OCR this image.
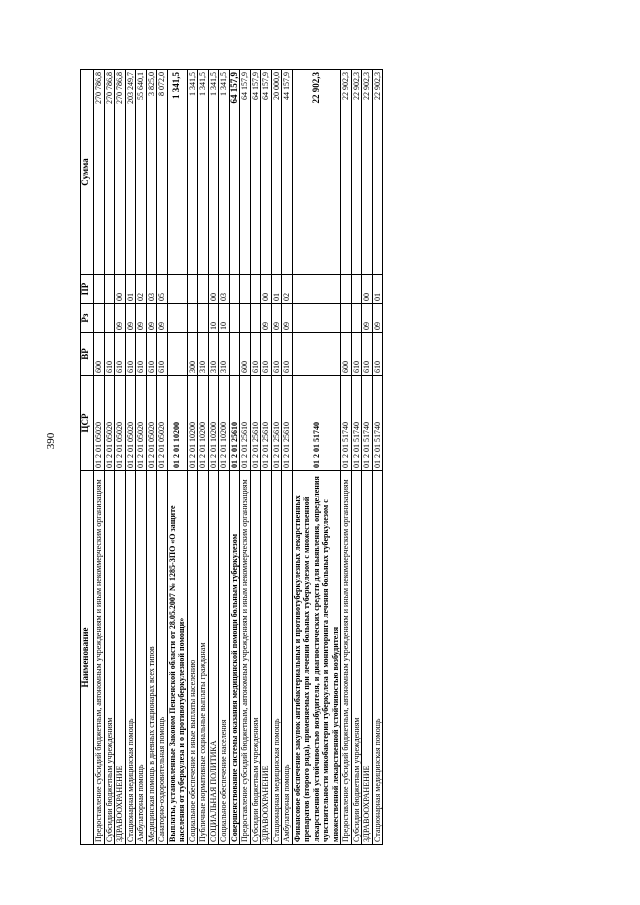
390
Наименование	ЦСР	ВР	Рз	ПР	Сумма
Предоставление субсидий бюджетным, автономным учреждениям и иным некоммерческим организациям	01 2 01 05020	600			270 786,8
Субсидии бюджетным учреждениям	01 2 01 05020	610			270 786,8
ЗДРАВООХРАНЕНИЕ	01 2 01 05020	610	09	00	270 786,8
Стационарная медицинская помощь	01 2 01 05020	610	09	01	203 249,7
Амбулаторная помощь	01 2 01 05020	610	09	02	55 640,1
Медицинская помощь в дневных стационарах всех типов	01 2 01 05020	610	09	03	3 825,0
Санаторно-оздоровительная помощь	01 2 01 05020	610	09	05	8 072,0
Выплаты, установленные Законом Пензенской области от 28.05.2007 № 1285-ЗПО «О защите населения от туберкулеза и о противотуберкулезной помощи»	01 2 01 10200				1 341,5
Социальное обеспечение и иные выплаты населению	01 2 01 10200	300			1 341,5
Публичные нормативные социальные выплаты гражданам	01 2 01 10200	310			1 341,5
СОЦИАЛЬНАЯ ПОЛИТИКА	01 2 01 10200	310	10	00	1 341,5
Социальное обеспечение населения	01 2 01 10200	310	10	03	1 341,5
Совершенствование системы оказания медицинской помощи больным туберкулезом	01 2 01 25610				64 157,9
Предоставление субсидий бюджетным, автономным учреждениям и иным некоммерческим организациям	01 2 01 25610	600			64 157,9
Субсидии бюджетным учреждениям	01 2 01 25610	610			64 157,9
ЗДРАВООХРАНЕНИЕ	01 2 01 25610	610	09	00	64 157,9
Стационарная медицинская помощь	01 2 01 25610	610	09	01	20 000,0
Амбулаторная помощь	01 2 01 25610	610	09	02	44 157,9
Финансовое обеспечение закупок антибактериальных и противотуберкулезных лекарственных препаратов (второго ряда), применяемых при лечении больных туберкулезом с множественной лекарственной устойчивостью возбудителя, и диагностических средств для выявления, определения чувствительности микобактерии туберкулеза и мониторинга лечения больных туберкулезом с множественной лекарственной устойчивостью возбудителя	01 2 01 51740				22 902,3
Предоставление субсидий бюджетным, автономным учреждениям и иным некоммерческим организациям	01 2 01 51740	600			22 902,3
Субсидии бюджетным учреждениям	01 2 01 51740	610			22 902,3
ЗДРАВООХРАНЕНИЕ	01 2 01 51740	610	09	00	22 902,3
Стационарная медицинская помощь	01 2 01 51740	610	09	01	22 902,3
